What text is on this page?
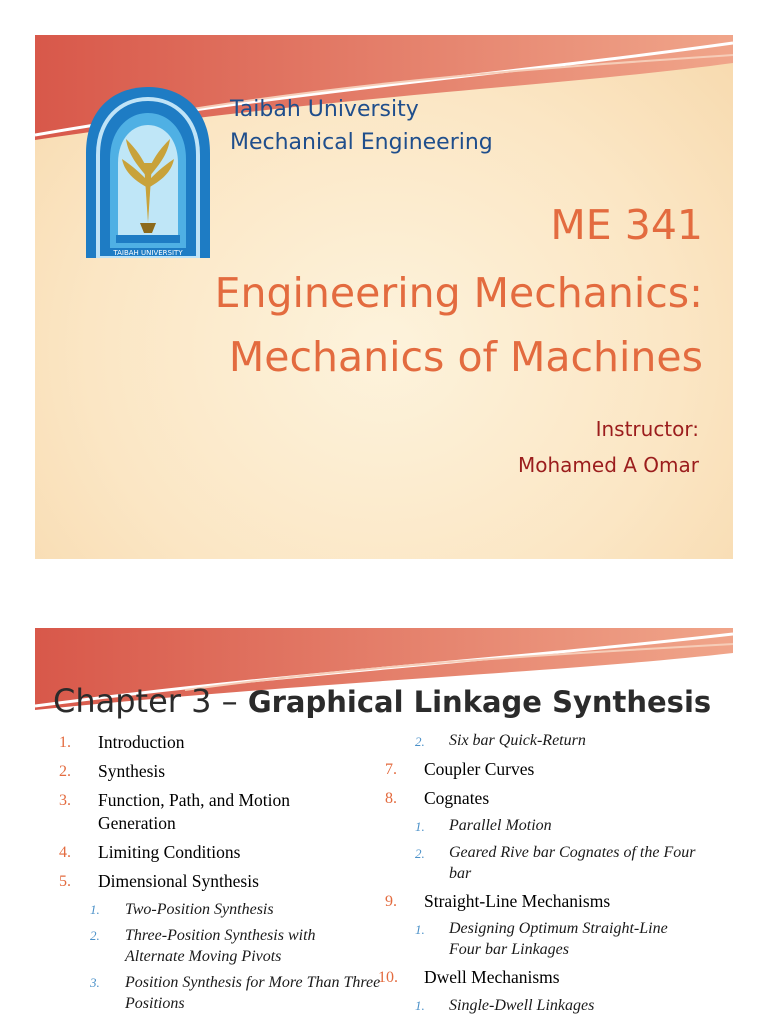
TAIBAH UNIVERSITY
Taibah University
Mechanical Engineering
ME 341
Engineering Mechanics:
Mechanics of Machines
Instructor:
Mohamed A Omar
Chapter 3 – Graphical Linkage Synthesis
1. Introduction
2. Synthesis
3. Function, Path, and Motion Generation
4. Limiting Conditions
5. Dimensional Synthesis
1. Two-Position Synthesis
2. Three-Position Synthesis with Alternate Moving Pivots
3. Position Synthesis for More Than Three Positions
2. Six bar Quick-Return
7. Coupler Curves
8. Cognates
1. Parallel Motion
2. Geared Rive bar Cognates of the Four bar
9. Straight-Line Mechanisms
1. Designing Optimum Straight-Line Four bar Linkages
10. Dwell Mechanisms
1. Single-Dwell Linkages
